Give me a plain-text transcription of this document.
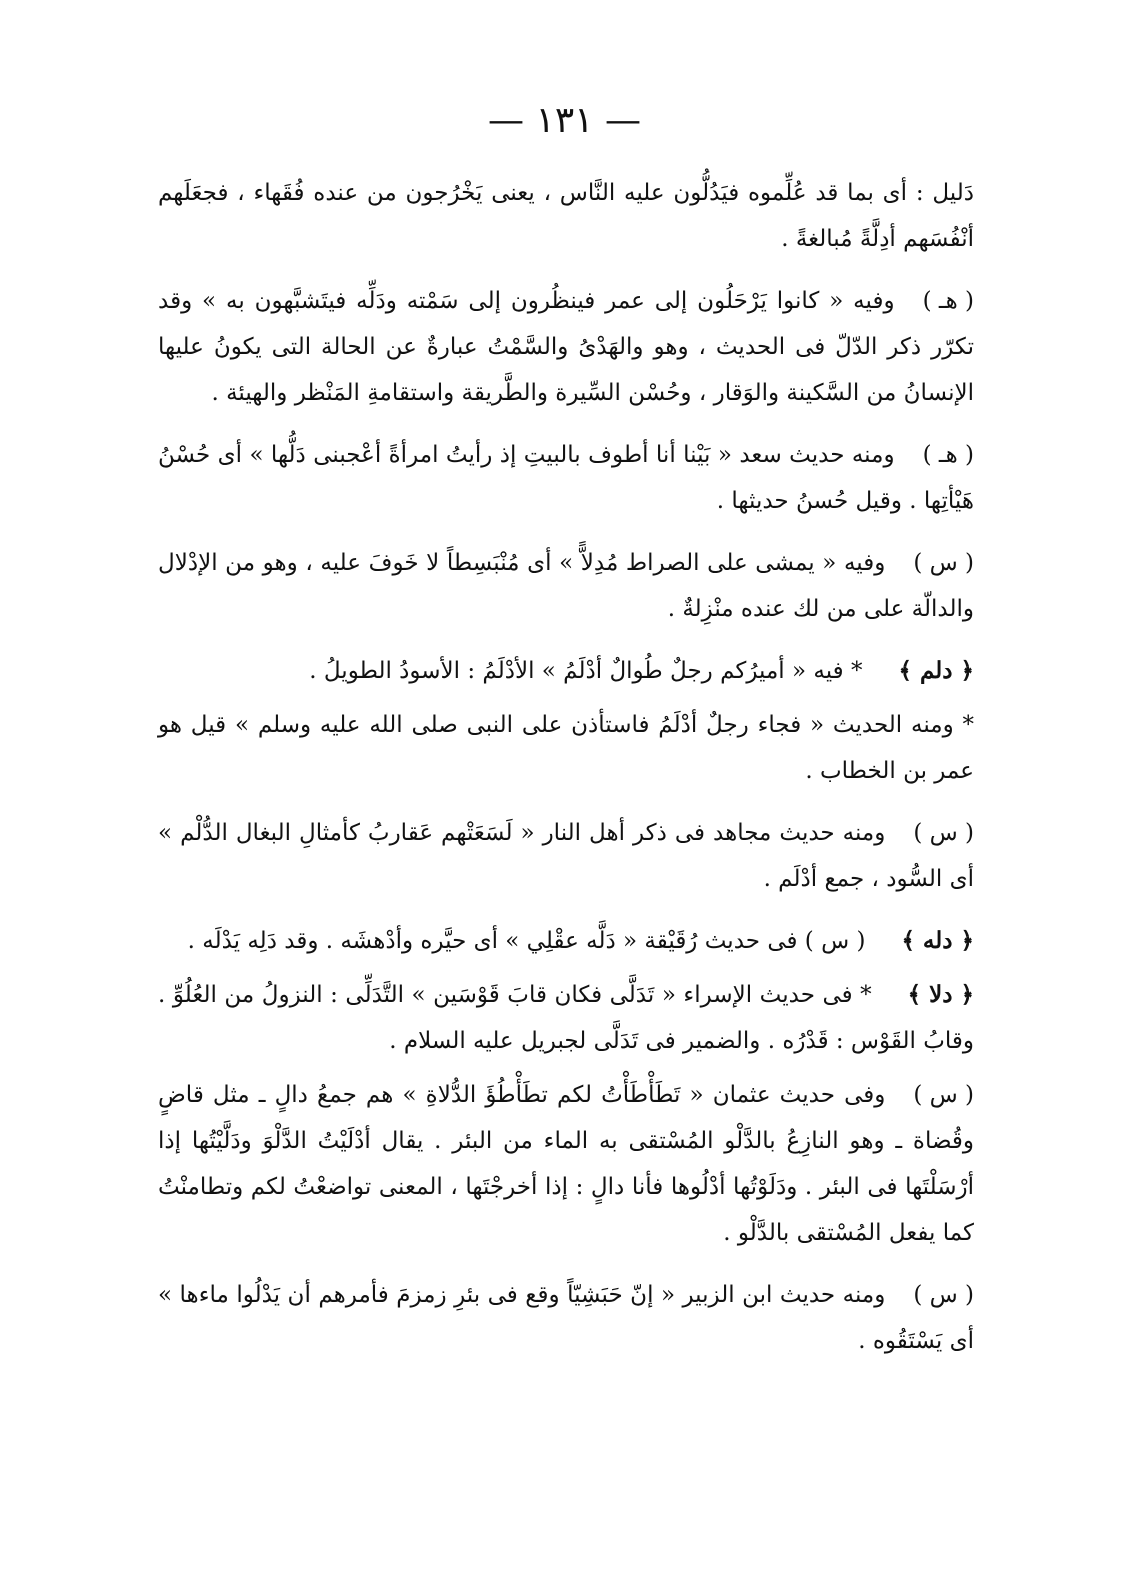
— ١٣١ —

دَليل : أى بما قد عُلِّموه فيَدُلُّون عليه النَّاس ، يعنى يَخْرُجون من عنده فُقَهاء ، فجعَلَهم أنْفُسَهم أدِلَّةً مُبالغةً .

( هـ )وفيه « كانوا يَرْحَلُون إلى عمر فينظُرون إلى سَمْته ودَلِّه فيتَشبَّهون به » وقد تكرّر ذكر الدّلّ فى الحديث ، وهو والهَدْىُ والسَّمْتُ عبارةٌ عن الحالة التى يكونُ عليها الإنسانُ من السَّكينة والوَقار ، وحُسْن السِّيرة والطَّريقة واستقامةِ المَنْظر والهيئة .

( هـ )ومنه حديث سعد « بَيْنا أنا أطوف بالبيتِ إذ رأيتُ امرأةً أعْجبنى دَلُّها » أى حُسْنُ هَيْأتِها . وقيل حُسنُ حديثها .

( س )وفيه « يمشى على الصراط مُدِلاًّ » أى مُنْبَسِطاً لا خَوفَ عليه ، وهو من الإدْلال والدالّة على من لك عنده منْزِلةٌ .

﴿ دلم ﴾* فيه « أميرُكم رجلٌ طُوالٌ أدْلَمُ » الأدْلَمُ : الأسودُ الطويلُ .

* ومنه الحديث « فجاء رجلٌ أدْلَمُ فاستأذن على النبى صلى الله عليه وسلم » قيل هو عمر بن الخطاب .

( س )ومنه حديث مجاهد فى ذكر أهل النار « لَسَعَتْهم عَقاربُ كأمثالِ البغال الدُّلْم » أى السُّود ، جمع أدْلَم .

﴿ دله ﴾( س ) فى حديث رُقَيْقة « دَلَّه عقْلِي » أى حيَّره وأدْهشَه . وقد دَلِه يَدْلَه .

﴿ دلا ﴾* فى حديث الإسراء « تَدَلَّى فكان قابَ قَوْسَين » التَّدَلِّى : النزولُ من العُلُوِّ . وقابُ القَوْس : قَدْرُه . والضمير فى تَدَلَّى لجبريل عليه السلام .

( س )وفى حديث عثمان « تَطَأْطَأْتُ لكم تطَأْطُؤَ الدُّلاةِ » هم جمعُ دالٍ ـ مثل قاضٍ وقُضاة ـ وهو النازِعُ بالدَّلْو المُسْتقى به الماء من البئر . يقال أدْلَيْتُ الدَّلْوَ ودَلَّيْتُها إذا أرْسَلْتَها فى البئر . ودَلَوْتُها أدْلُوها فأنا دالٍ : إذا أخرجْتَها ، المعنى تواضعْتُ لكم وتطامنْتُ كما يفعل المُسْتقى بالدَّلْو .

( س )ومنه حديث ابن الزبير « إنّ حَبَشِيّاً وقع فى بئرِ زمزمَ فأمرهم أن يَدْلُوا ماءها » أى يَسْتَقُوه .
